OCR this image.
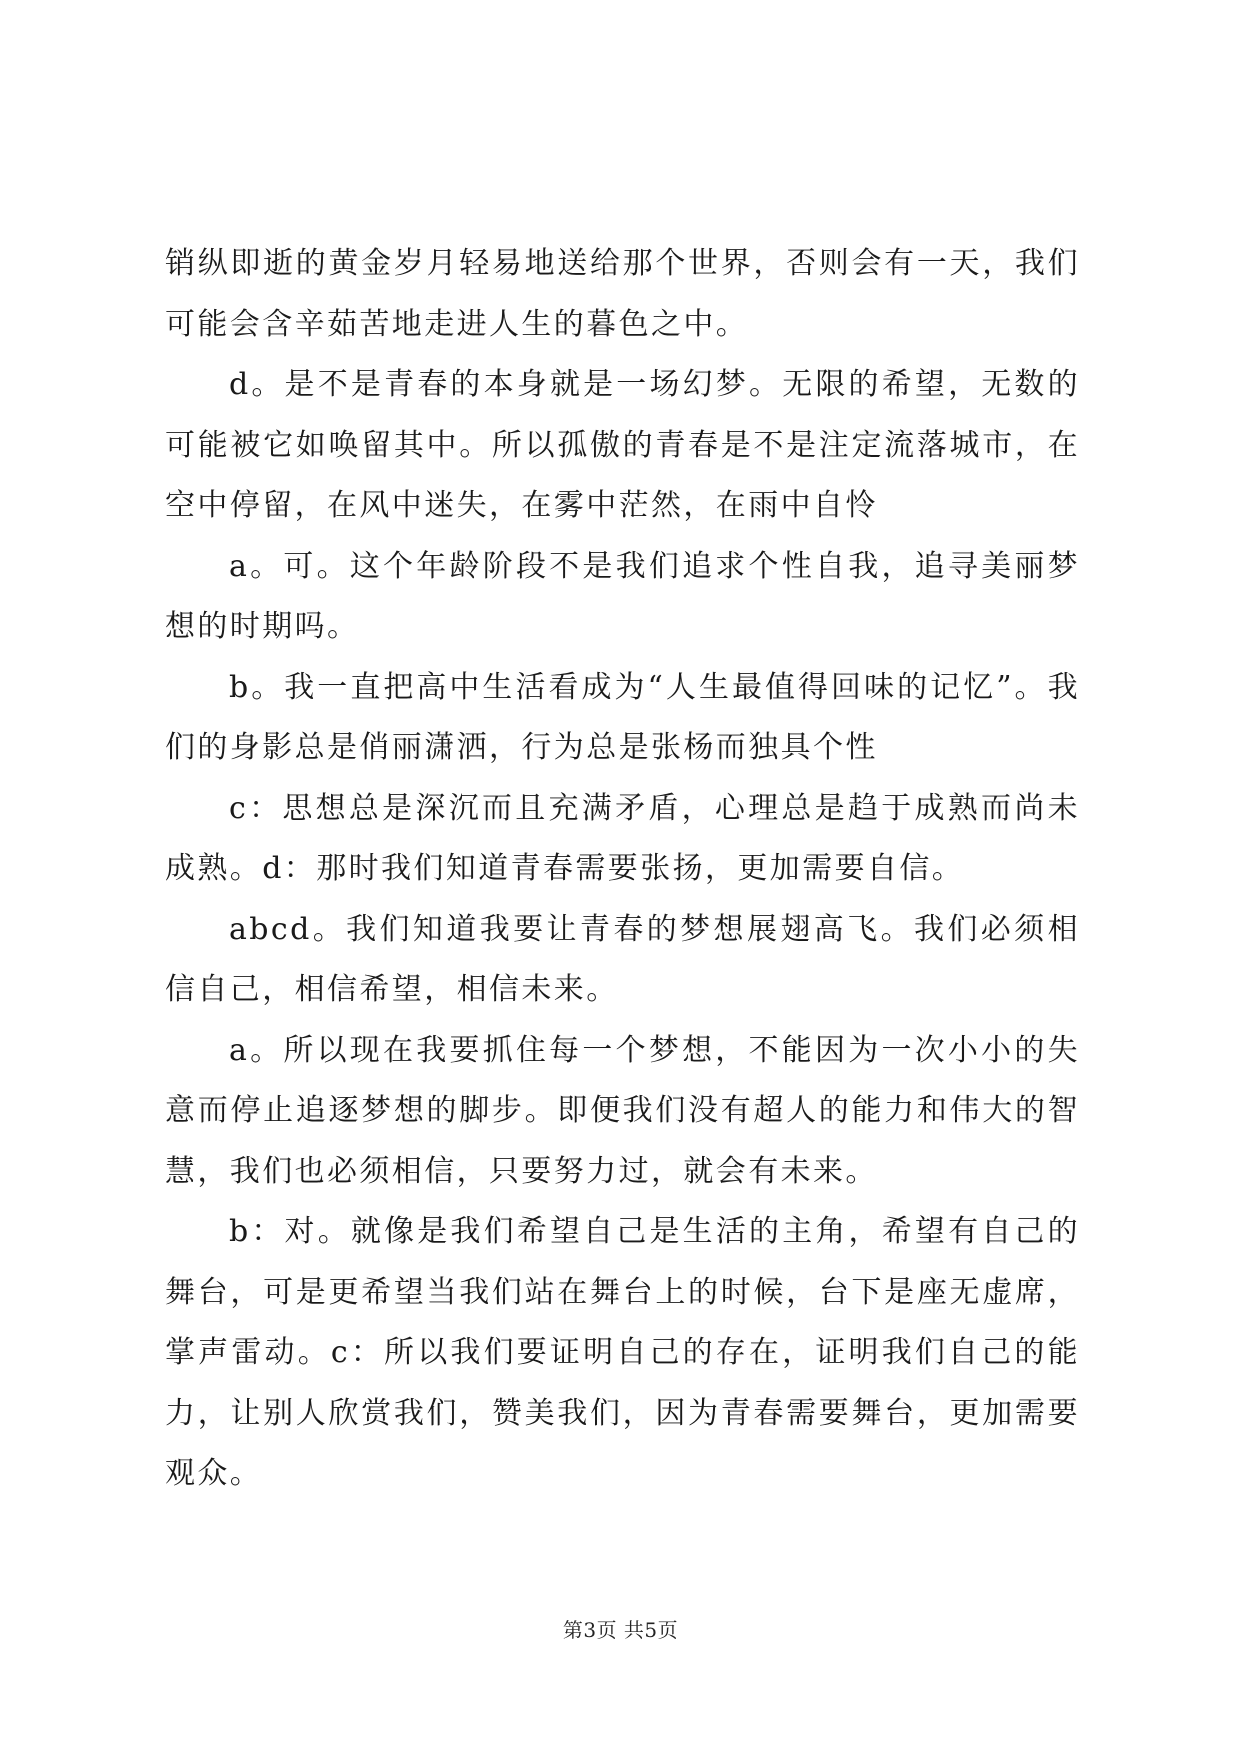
销纵即逝的黄金岁月轻易地送给那个世界，否则会有一天，我们可能会含辛茹苦地走进人生的暮色之中。

d。是不是青春的本身就是一场幻梦。无限的希望，无数的可能被它如唤留其中。所以孤傲的青春是不是注定流落城市，在空中停留，在风中迷失，在雾中茫然，在雨中自怜

a。可。这个年龄阶段不是我们追求个性自我，追寻美丽梦想的时期吗。

b。我一直把高中生活看成为“人生最值得回味的记忆”。我们的身影总是俏丽潇洒，行为总是张杨而独具个性

c：思想总是深沉而且充满矛盾，心理总是趋于成熟而尚未成熟。d：那时我们知道青春需要张扬，更加需要自信。

abcd。我们知道我要让青春的梦想展翅高飞。我们必须相信自己，相信希望，相信未来。

a。所以现在我要抓住每一个梦想，不能因为一次小小的失意而停止追逐梦想的脚步。即便我们没有超人的能力和伟大的智慧，我们也必须相信，只要努力过，就会有未来。

b：对。就像是我们希望自己是生活的主角，希望有自己的舞台，可是更希望当我们站在舞台上的时候，台下是座无虚席，掌声雷动。c：所以我们要证明自己的存在，证明我们自己的能力，让别人欣赏我们，赞美我们，因为青春需要舞台，更加需要观众。

第3页 共5页
